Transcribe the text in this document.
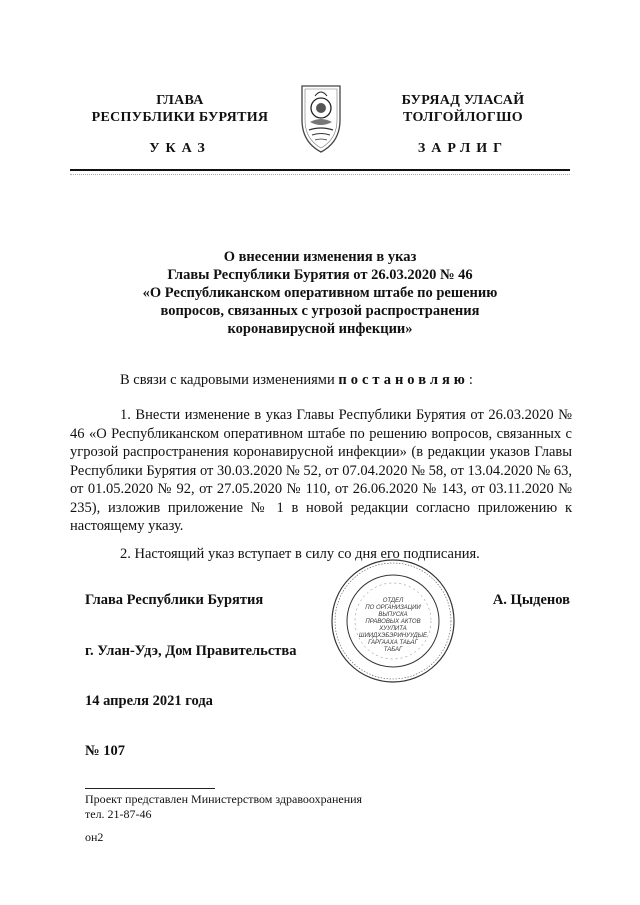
ГЛАВА
РЕСПУБЛИКИ БУРЯТИЯ
БУРЯАД УЛАСАЙ
ТОЛГОЙЛОГШО
УКАЗ	ЗАРЛИГ
О внесении изменения в указ
Главы Республики Бурятия от 26.03.2020 № 46
«О Республиканском оперативном штабе по решению
вопросов, связанных с угрозой распространения
коронавирусной инфекции»
В связи с кадровыми изменениями постановляю:
1. Внести изменение в указ Главы Республики Бурятия от 26.03.2020 № 46 «О Республиканском оперативном штабе по решению вопросов, связанных с угрозой распространения коронавирусной инфекции» (в редакции указов Главы Республики Бурятия от 30.03.2020 № 52, от 07.04.2020 № 58, от 13.04.2020 № 63, от 01.05.2020 № 92, от 27.05.2020 № 110, от 26.06.2020 № 143, от 03.11.2020 № 235), изложив приложение № 1 в новой редакции согласно приложению к настоящему указу.
2. Настоящий указ вступает в силу со дня его подписания.
ОТДЕЛ
ПО ОРГАНИЗАЦИИ
ВЫПУСКА
ПРАВОВЫХ АКТОВ
ХУУЛИТА
ШИИДХЭБЭРИНУУДЫЕ
ГАРГААХА ТАЬАГ
ТАБАГ
Глава Республики Бурятия	А. Цыденов
г. Улан-Удэ, Дом Правительства
14 апреля 2021 года
№ 107
Проект представлен Министерством здравоохранения
тел. 21-87-46
он2
